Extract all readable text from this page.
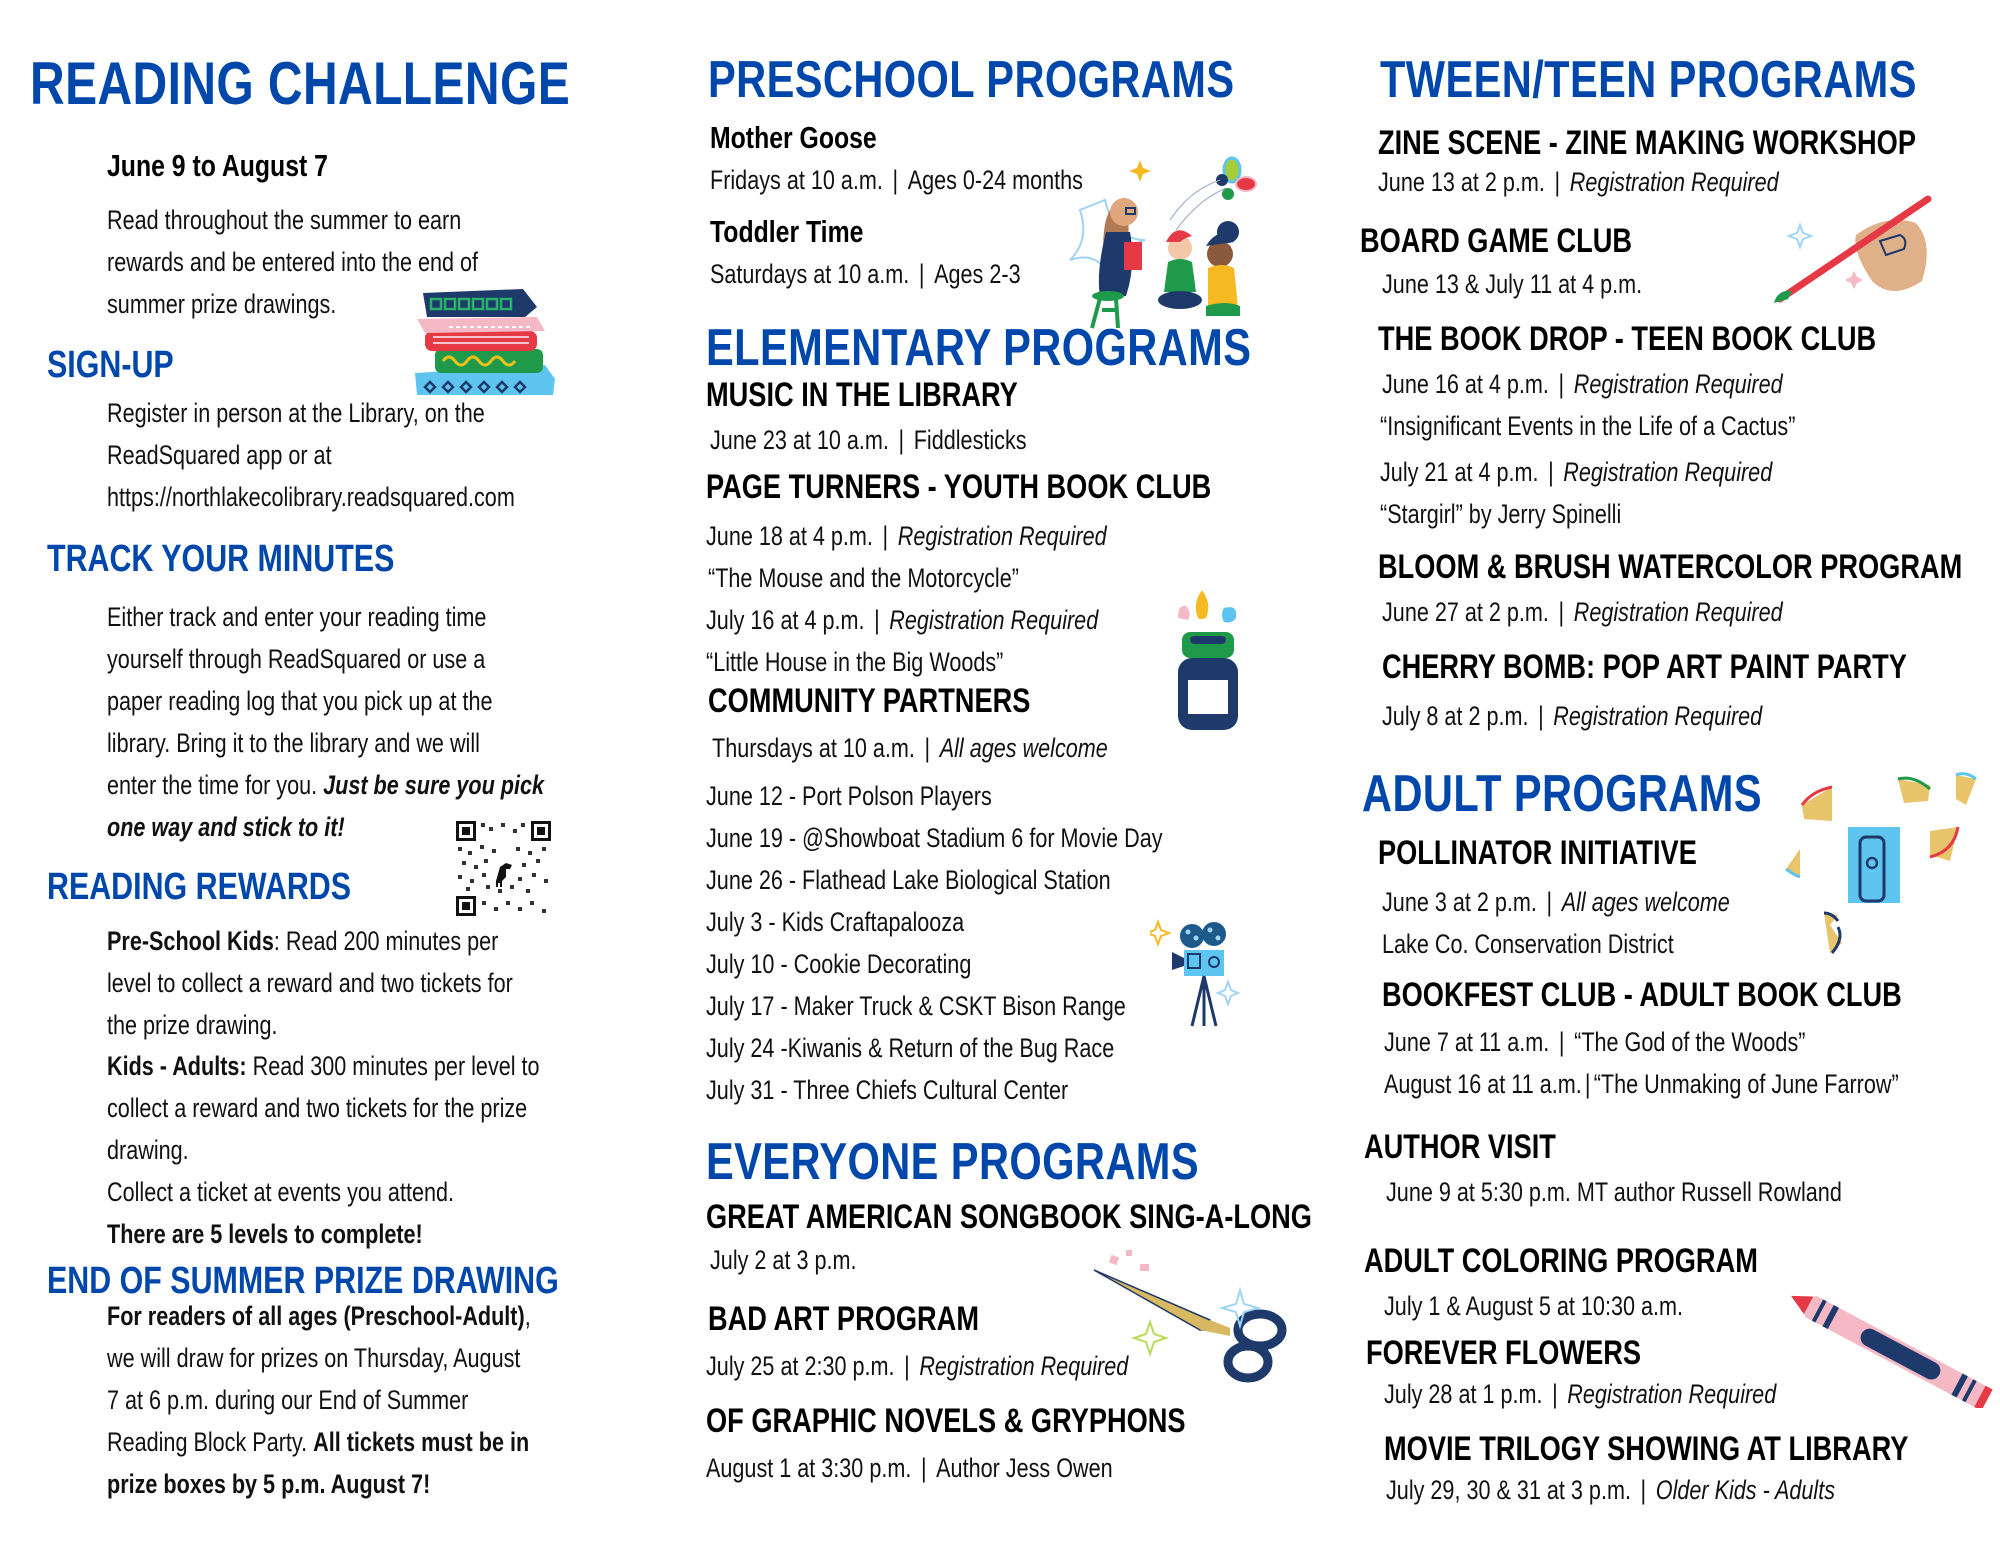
READING CHALLENGE
June 9 to August 7
Read throughout the summer to earn
rewards and be entered into the end of
summer prize drawings.
SIGN-UP
Register in person at the Library, on the
ReadSquared app or at
https://northlakecolibrary.readsquared.com
TRACK YOUR MINUTES
Either track and enter your reading time
yourself through ReadSquared or use a
paper reading log that you pick up at the
library. Bring it to the library and we will
enter the time for you. Just be sure you pick
one way and stick to it!
READING REWARDS
Pre-School Kids: Read 200 minutes per
level to collect a reward and two tickets for
the prize drawing.
Kids - Adults: Read 300 minutes per level to
collect a reward and two tickets for the prize
drawing.
Collect a ticket at events you attend.
There are 5 levels to complete!
END OF SUMMER PRIZE DRAWING
For readers of all ages (Preschool-Adult),
we will draw for prizes on Thursday, August
7 at 6 p.m. during our End of Summer
Reading Block Party. All tickets must be in
prize boxes by 5 p.m. August 7!
PRESCHOOL PROGRAMS
Mother Goose
Fridays at 10 a.m. | Ages 0-24 months
Toddler Time
Saturdays at 10 a.m. | Ages 2-3
ELEMENTARY PROGRAMS
MUSIC IN THE LIBRARY
June 23 at 10 a.m. | Fiddlesticks
PAGE TURNERS - YOUTH BOOK CLUB
June 18 at 4 p.m. | Registration Required
“The Mouse and the Motorcycle”
July 16 at 4 p.m. | Registration Required
“Little House in the Big Woods”
COMMUNITY PARTNERS
Thursdays at 10 a.m. | All ages welcome
June 12 - Port Polson Players
June 19 - @Showboat Stadium 6 for Movie Day
June 26 - Flathead Lake Biological Station
July 3 - Kids Craftapalooza
July 10 - Cookie Decorating
July 17 - Maker Truck & CSKT Bison Range
July 24 -Kiwanis & Return of the Bug Race
July 31 - Three Chiefs Cultural Center
EVERYONE PROGRAMS
GREAT AMERICAN SONGBOOK SING-A-LONG
July 2 at 3 p.m.
BAD ART PROGRAM
July 25 at 2:30 p.m. | Registration Required
OF GRAPHIC NOVELS & GRYPHONS
August 1 at 3:30 p.m. | Author Jess Owen
TWEEN/TEEN PROGRAMS
ZINE SCENE - ZINE MAKING WORKSHOP
June 13 at 2 p.m. | Registration Required
BOARD GAME CLUB
June 13 & July 11 at 4 p.m.
THE BOOK DROP - TEEN BOOK CLUB
June 16 at 4 p.m. | Registration Required
“Insignificant Events in the Life of a Cactus”
July 21 at 4 p.m. | Registration Required
“Stargirl” by Jerry Spinelli
BLOOM & BRUSH WATERCOLOR PROGRAM
June 27 at 2 p.m. | Registration Required
CHERRY BOMB: POP ART PAINT PARTY
July 8 at 2 p.m. | Registration Required
ADULT PROGRAMS
POLLINATOR INITIATIVE
June 3 at 2 p.m. | All ages welcome
Lake Co. Conservation District
BOOKFEST CLUB - ADULT BOOK CLUB
June 7 at 11 a.m. | “The God of the Woods”
August 16 at 11 a.m. | “The Unmaking of June Farrow”
AUTHOR VISIT
June 9 at 5:30 p.m. MT author Russell Rowland
ADULT COLORING PROGRAM
July 1 & August 5 at 10:30 a.m.
FOREVER FLOWERS
July 28 at 1 p.m. | Registration Required
MOVIE TRILOGY SHOWING AT LIBRARY
July 29, 30 & 31 at 3 p.m. | Older Kids - Adults
